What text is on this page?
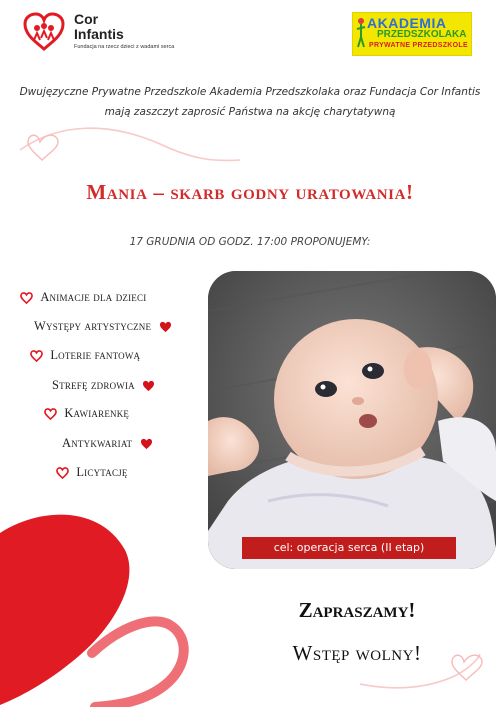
Cor Infantis
Fundacja na rzecz dzieci z wadami serca
AKADEMIA
PRZEDSZKOLAKA
PRYWATNE PRZEDSZKOLE
Dwujęzyczne Prywatne Przedszkole Akademia Przedszkolaka oraz Fundacja Cor Infantis
mają zaszczyt zaprosić Państwa na akcję charytatywną
Mania – skarb godny uratowania!
17 GRUDNIA OD GODZ. 17:00 PROPONUJEMY:
Animacje dla dzieci
Występy artystyczne
Loterie fantową
Strefę zdrowia
Kawiarenkę
Antykwariat
Licytację
cel: operacja serca (II etap)
Zapraszamy!
Wstęp wolny!
